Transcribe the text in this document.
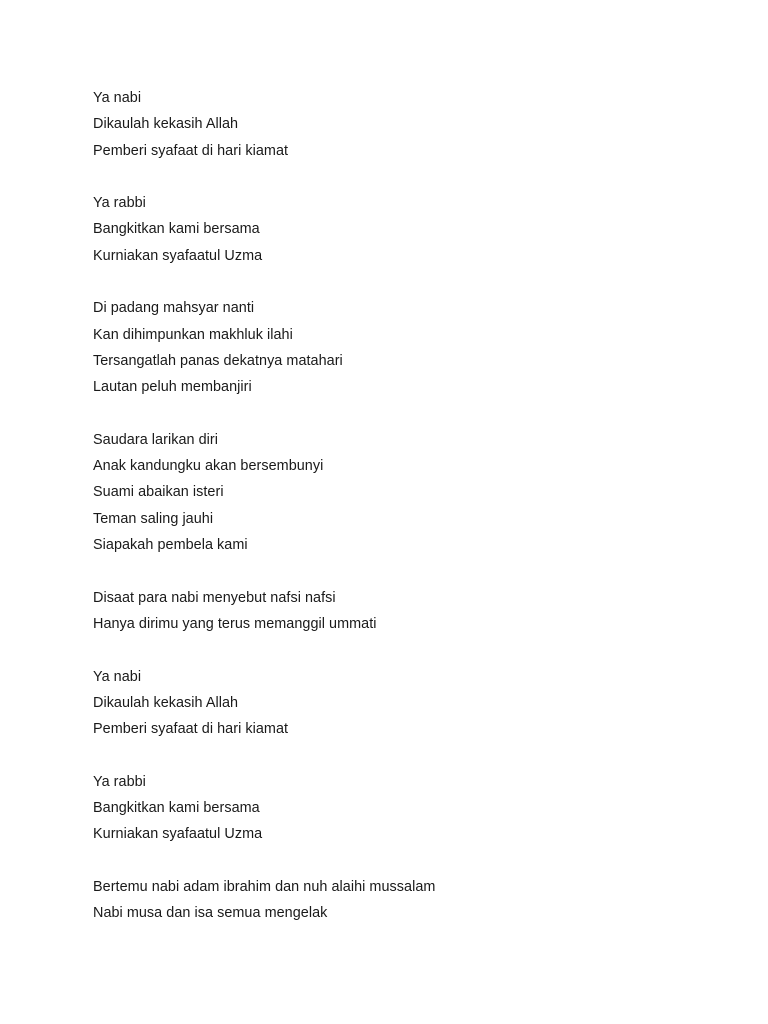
Ya nabi
Dikaulah kekasih Allah
Pemberi syafaat di hari kiamat
Ya rabbi
Bangkitkan kami bersama
Kurniakan syafaatul Uzma
Di padang mahsyar nanti
Kan dihimpunkan makhluk ilahi
Tersangatlah panas dekatnya matahari
Lautan peluh membanjiri
Saudara larikan diri
Anak kandungku akan bersembunyi
Suami abaikan isteri
Teman saling jauhi
Siapakah pembela kami
Disaat para nabi menyebut nafsi nafsi
Hanya dirimu yang terus memanggil ummati
Ya nabi
Dikaulah kekasih Allah
Pemberi syafaat di hari kiamat
Ya rabbi
Bangkitkan kami bersama
Kurniakan syafaatul Uzma
Bertemu nabi adam ibrahim dan nuh alaihi mussalam
Nabi musa dan isa semua mengelak
